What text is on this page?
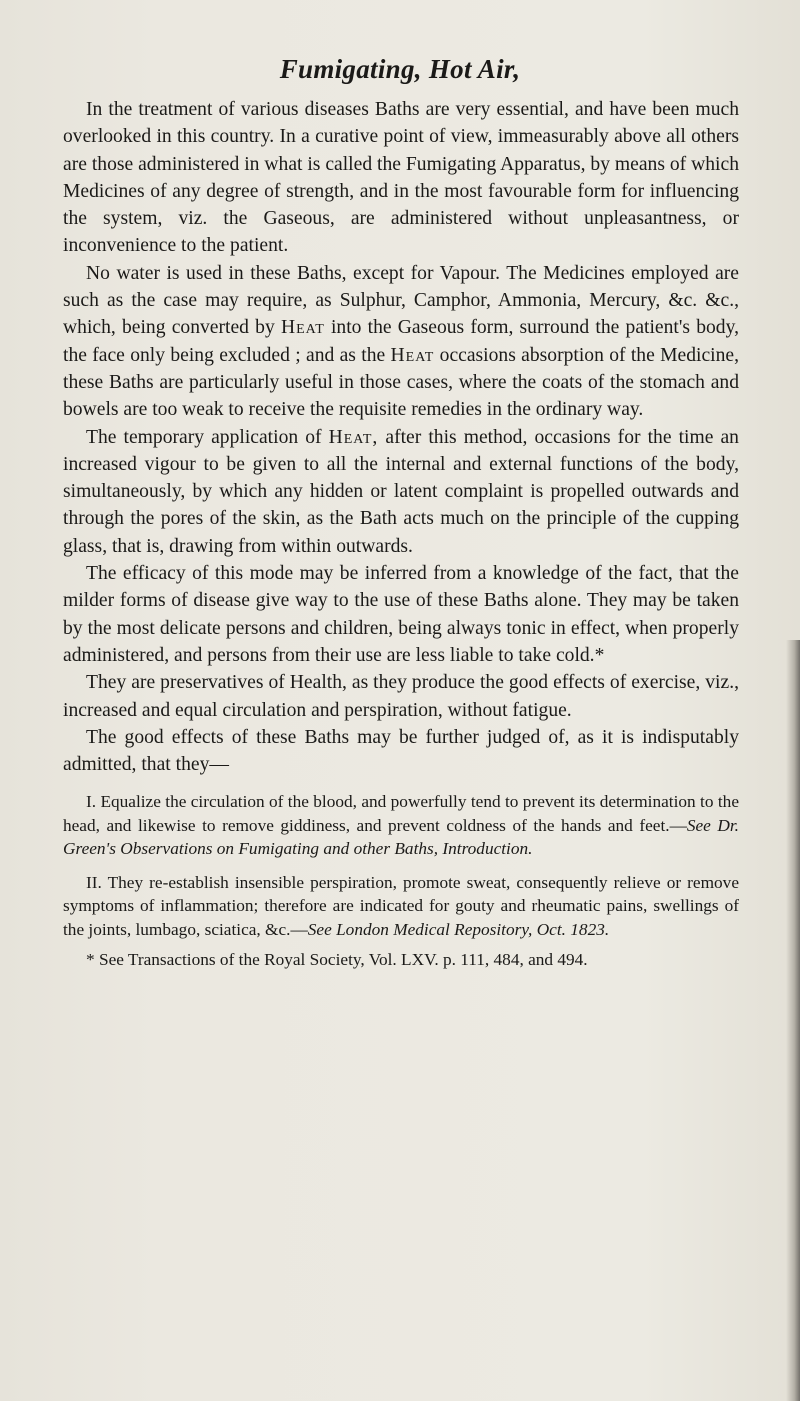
Fumigating, Hot Air,

In the treatment of various diseases Baths are very essential, and have been much overlooked in this country. In a curative point of view, immeasurably above all others are those administered in what is called the Fumigating Apparatus, by means of which Medicines of any degree of strength, and in the most favourable form for influencing the system, viz. the Gaseous, are administered without unpleasantness, or inconvenience to the patient.

No water is used in these Baths, except for Vapour. The Medicines employed are such as the case may require, as Sulphur, Camphor, Ammonia, Mercury, &c. &c., which, being converted by Heat into the Gaseous form, surround the patient's body, the face only being excluded ; and as the Heat occasions absorption of the Medicine, these Baths are particularly useful in those cases, where the coats of the stomach and bowels are too weak to receive the requisite remedies in the ordinary way.

The temporary application of Heat, after this method, occasions for the time an increased vigour to be given to all the internal and external functions of the body, simultaneously, by which any hidden or latent complaint is propelled outwards and through the pores of the skin, as the Bath acts much on the principle of the cupping glass, that is, drawing from within outwards.

The efficacy of this mode may be inferred from a knowledge of the fact, that the milder forms of disease give way to the use of these Baths alone. They may be taken by the most delicate persons and children, being always tonic in effect, when properly administered, and persons from their use are less liable to take cold.*

They are preservatives of Health, as they produce the good effects of exercise, viz., increased and equal circulation and perspiration, without fatigue.

The good effects of these Baths may be further judged of, as it is indisputably admitted, that they—

I. Equalize the circulation of the blood, and powerfully tend to prevent its determination to the head, and likewise to remove giddiness, and prevent coldness of the hands and feet.—See Dr. Green's Observations on Fumigating and other Baths, Introduction.

II. They re-establish insensible perspiration, promote sweat, consequently relieve or remove symptoms of inflammation; therefore are indicated for gouty and rheumatic pains, swellings of the joints, lumbago, sciatica, &c.—See London Medical Repository, Oct. 1823.

* See Transactions of the Royal Society, Vol. LXV. p. 111, 484, and 494.
